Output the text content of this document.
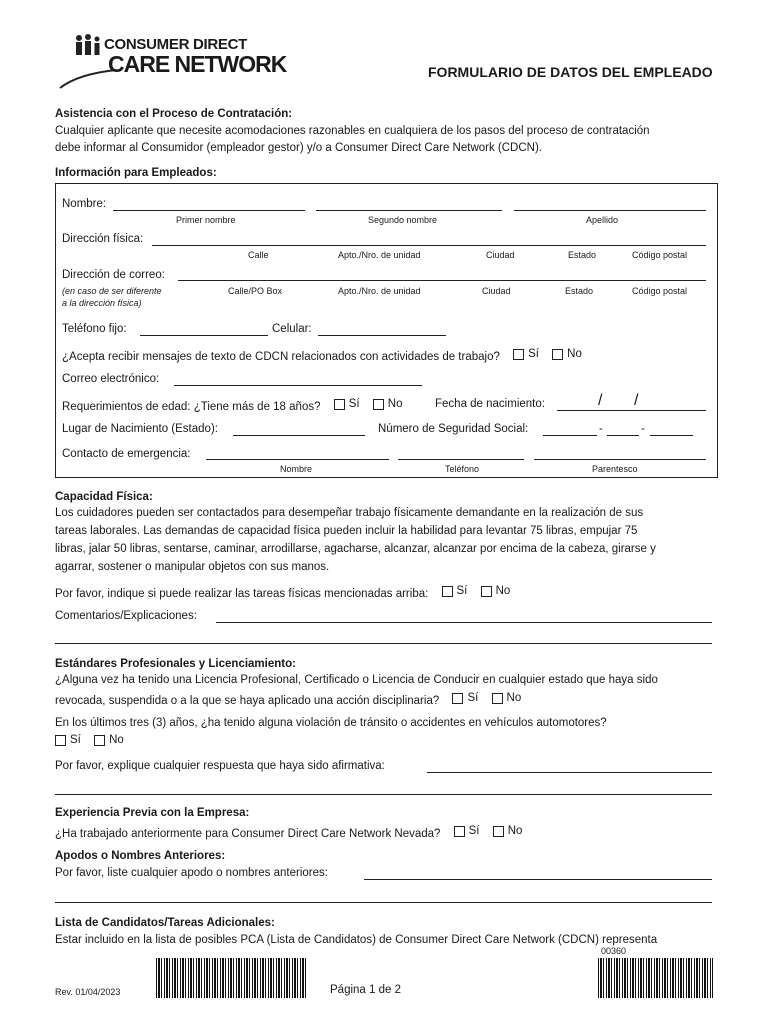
CONSUMER DIRECT
CARE NETWORK	FORMULARIO DE DATOS DEL EMPLEADO
Asistencia con el Proceso de Contratación:
Cualquier aplicante que necesite acomodaciones razonables en cualquiera de los pasos del proceso de contratación
debe informar al Consumidor (empleador gestor) y/o a Consumer Direct Care Network (CDCN).
Información para Empleados:
Nombre:
Primer nombre	Segundo nombre	Apellido
Dirección física:
Calle	Apto./Nro. de unidad	Ciudad	Estado	Código postal
Dirección de correo:
(en caso de ser diferente
a la dirección física)
Calle/PO Box	Apto./Nro. de unidad	Ciudad	Estado	Código postal
Teléfono fijo:	Celular:
¿Acepta recibir mensajes de texto de CDCN relacionados con actividades de trabajo? Sí
No
Correo electrónico:
Requerimientos de edad: ¿Tiene más de 18 años? Sí
No	Fecha de nacimiento:	/ /
Lugar de Nacimiento (Estado):	Número de Seguridad Social:	-	-
Contacto de emergencia:
Nombre	Teléfono	Parentesco
Capacidad Física:
Los cuidadores pueden ser contactados para desempeñar trabajo físicamente demandante en la realización de sus
tareas laborales. Las demandas de capacidad física pueden incluir la habilidad para levantar 75 libras, empujar 75
libras, jalar 50 libras, sentarse, caminar, arrodillarse, agacharse, alcanzar, alcanzar por encima de la cabeza, girarse y
agarrar, sostener o manipular objetos con sus manos.
Por favor, indique si puede realizar las tareas físicas mencionadas arriba: Sí
No
Comentarios/Explicaciones:
Estándares Profesionales y Licenciamiento:
¿Alguna vez ha tenido una Licencia Profesional, Certificado o Licencia de Conducir en cualquier estado que haya sido
revocada, suspendida o a la que se haya aplicado una acción disciplinaria? Sí
No
En los últimos tres (3) años, ¿ha tenido alguna violación de tránsito o accidentes en vehículos automotores?
Sí
No
Por favor, explique cualquier respuesta que haya sido afirmativa:
Experiencia Previa con la Empresa:
¿Ha trabajado anteriormente para Consumer Direct Care Network Nevada? Sí
No
Apodos o Nombres Anteriores:
Por favor, liste cualquier apodo o nombres anteriores:
Lista de Candidatos/Tareas Adicionales:
Estar incluido en la lista de posibles PCA (Lista de Candidatos) de Consumer Direct Care Network (CDCN) representa
Rev. 01/04/2023	Página 1 de 2
00360
